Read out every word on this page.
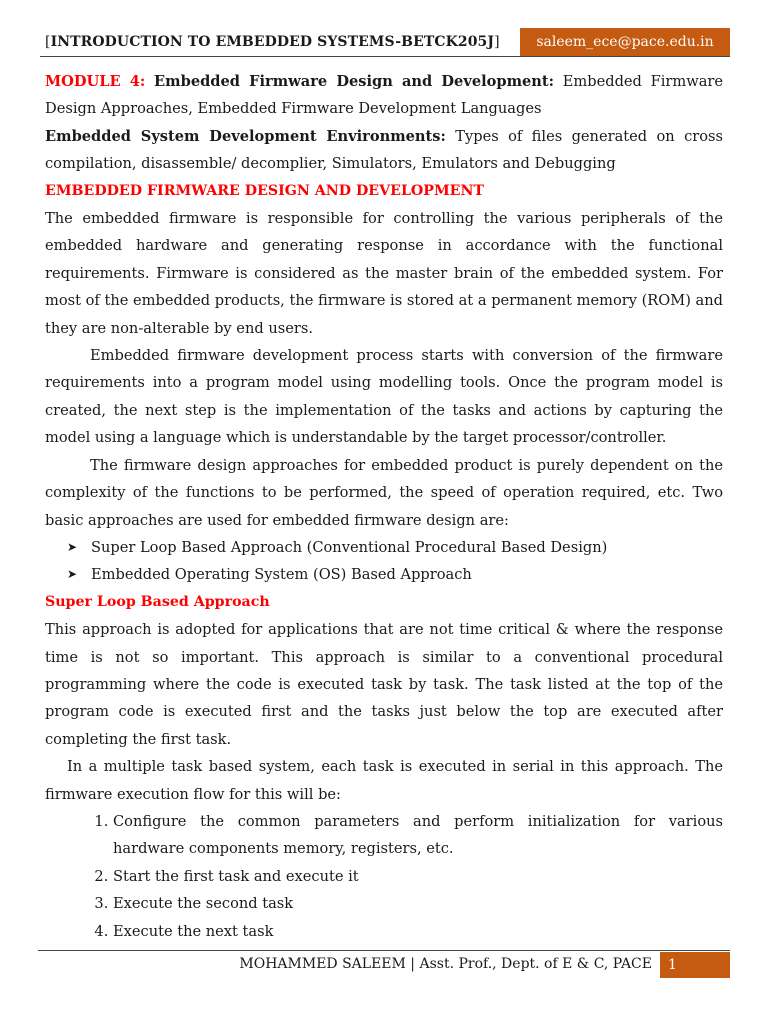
[INTRODUCTION TO EMBEDDED SYSTEMS-BETCK205J]	saleem_ece@pace.edu.in

MODULE 4: Embedded Firmware Design and Development: Embedded Firmware Design Approaches, Embedded Firmware Development Languages

Embedded System Development Environments: Types of files generated on cross compilation, disassemble/ decomplier, Simulators, Emulators and Debugging

EMBEDDED FIRMWARE DESIGN AND DEVELOPMENT

The embedded firmware is responsible for controlling the various peripherals of the embedded hardware and generating response in accordance with the functional requirements. Firmware is considered as the master brain of the embedded system. For most of the embedded products, the firmware is stored at a permanent memory (ROM) and they are non-alterable by end users.

Embedded firmware development process starts with conversion of the firmware requirements into a program model using modelling tools. Once the program model is created, the next step is the implementation of the tasks and actions by capturing the model using a language which is understandable by the target processor/controller.

The firmware design approaches for embedded product is purely dependent on the complexity of the functions to be performed, the speed of operation required, etc. Two basic approaches are used for embedded firmware design are:

➤ Super Loop Based Approach (Conventional Procedural Based Design)
➤ Embedded Operating System (OS) Based Approach
Super Loop Based Approach

This approach is adopted for applications that are not time critical & where the response time is not so important. This approach is similar to a conventional procedural programming where the code is executed task by task. The task listed at the top of the program code is executed first and the tasks just below the top are executed after completing the first task.

In a multiple task based system, each task is executed in serial in this approach. The firmware execution flow for this will be:

1. Configure the common parameters and perform initialization for various hardware components memory, registers, etc.
2. Start the first task and execute it
3. Execute the second task
4. Execute the next task
MOHAMMED SALEEM | Asst. Prof., Dept. of E & C, PACE	1
